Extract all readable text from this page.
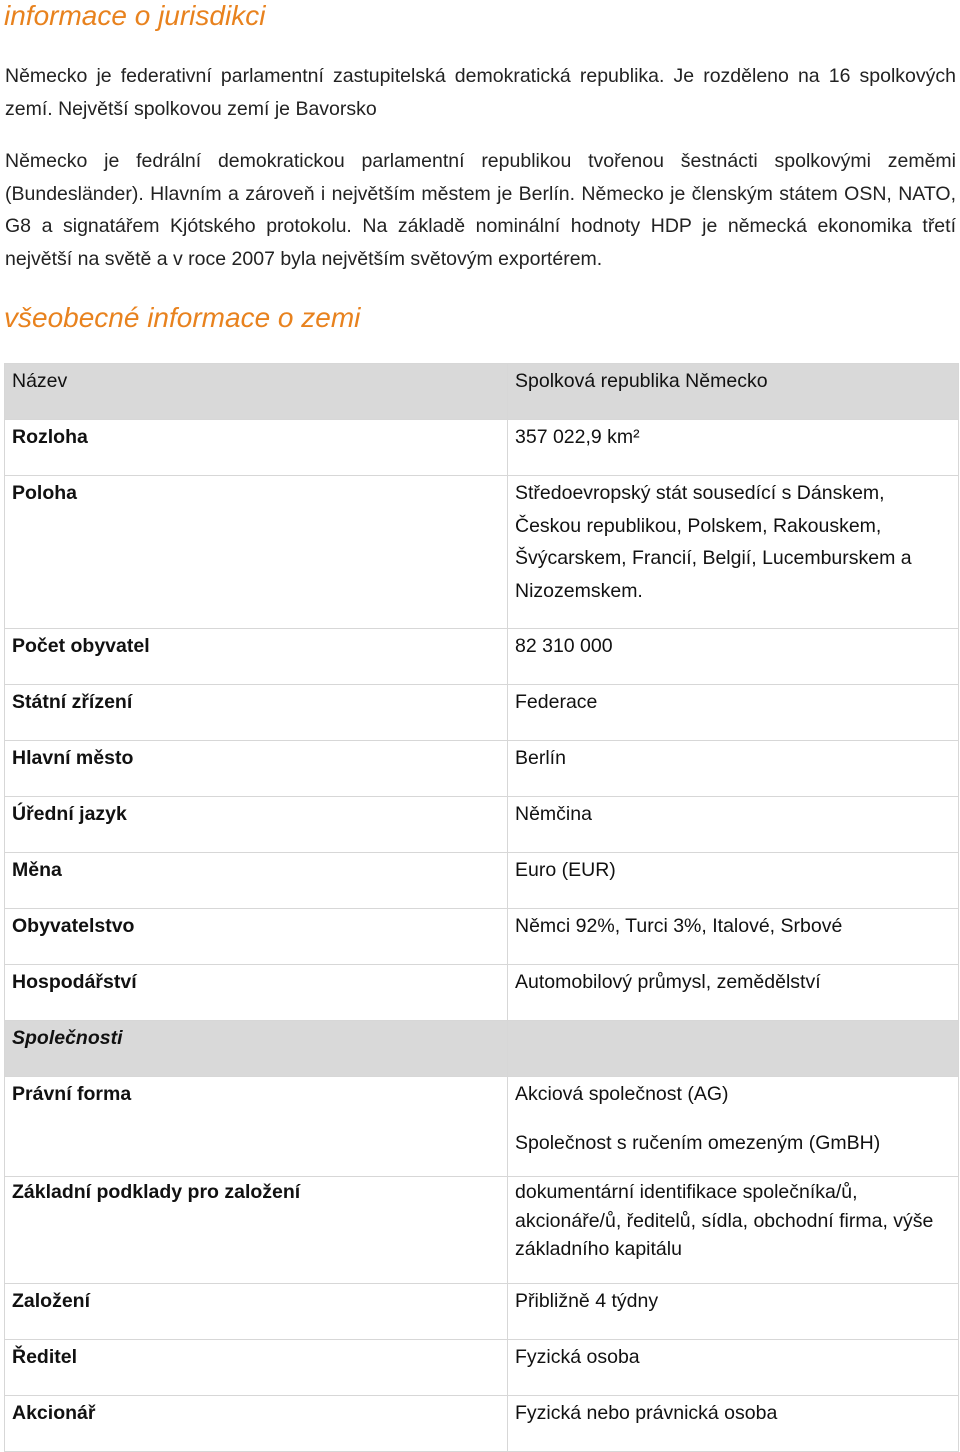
informace o jurisdikci

Německo je federativní parlamentní zastupitelská demokratická republika. Je rozděleno na 16 spolkových zemí. Největší spolkovou zemí je Bavorsko

Německo je fedrální demokratickou parlamentní republikou tvořenou šestnácti spolkovými zeměmi (Bundesländer). Hlavním a zároveň i největším městem je Berlín. Německo je členským státem OSN, NATO, G8 a signatářem Kjótského protokolu. Na základě nominální hodnoty HDP je německá ekonomika třetí největší na světě a v roce 2007 byla největším světovým exportérem.

všeobecné informace o zemi
Název	Spolková republika Německo
Rozloha	357 022,9 km²
Poloha	Středoevropský stát sousedící s Dánskem, Českou republikou, Polskem, Rakouskem, Švýcarskem, Francií, Belgií, Lucemburskem a Nizozemskem.
Počet obyvatel	82 310 000
Státní zřízení	Federace
Hlavní město	Berlín
Úřední jazyk	Němčina
Měna	Euro (EUR)
Obyvatelstvo	Němci 92%, Turci 3%, Italové, Srbové
Hospodářství	Automobilový průmysl, zemědělství
Společnosti	
Právní forma	Akciová společnost (AG)
Společnost s ručením omezeným (GmBH)

Základní podklady pro založení	dokumentární identifikace společníka/ů, akcionáře/ů, ředitelů, sídla, obchodní firma, výše základního kapitálu
Založení	Přibližně 4 týdny
Ředitel	Fyzická osoba
Akcionář	Fyzická nebo právnická osoba
